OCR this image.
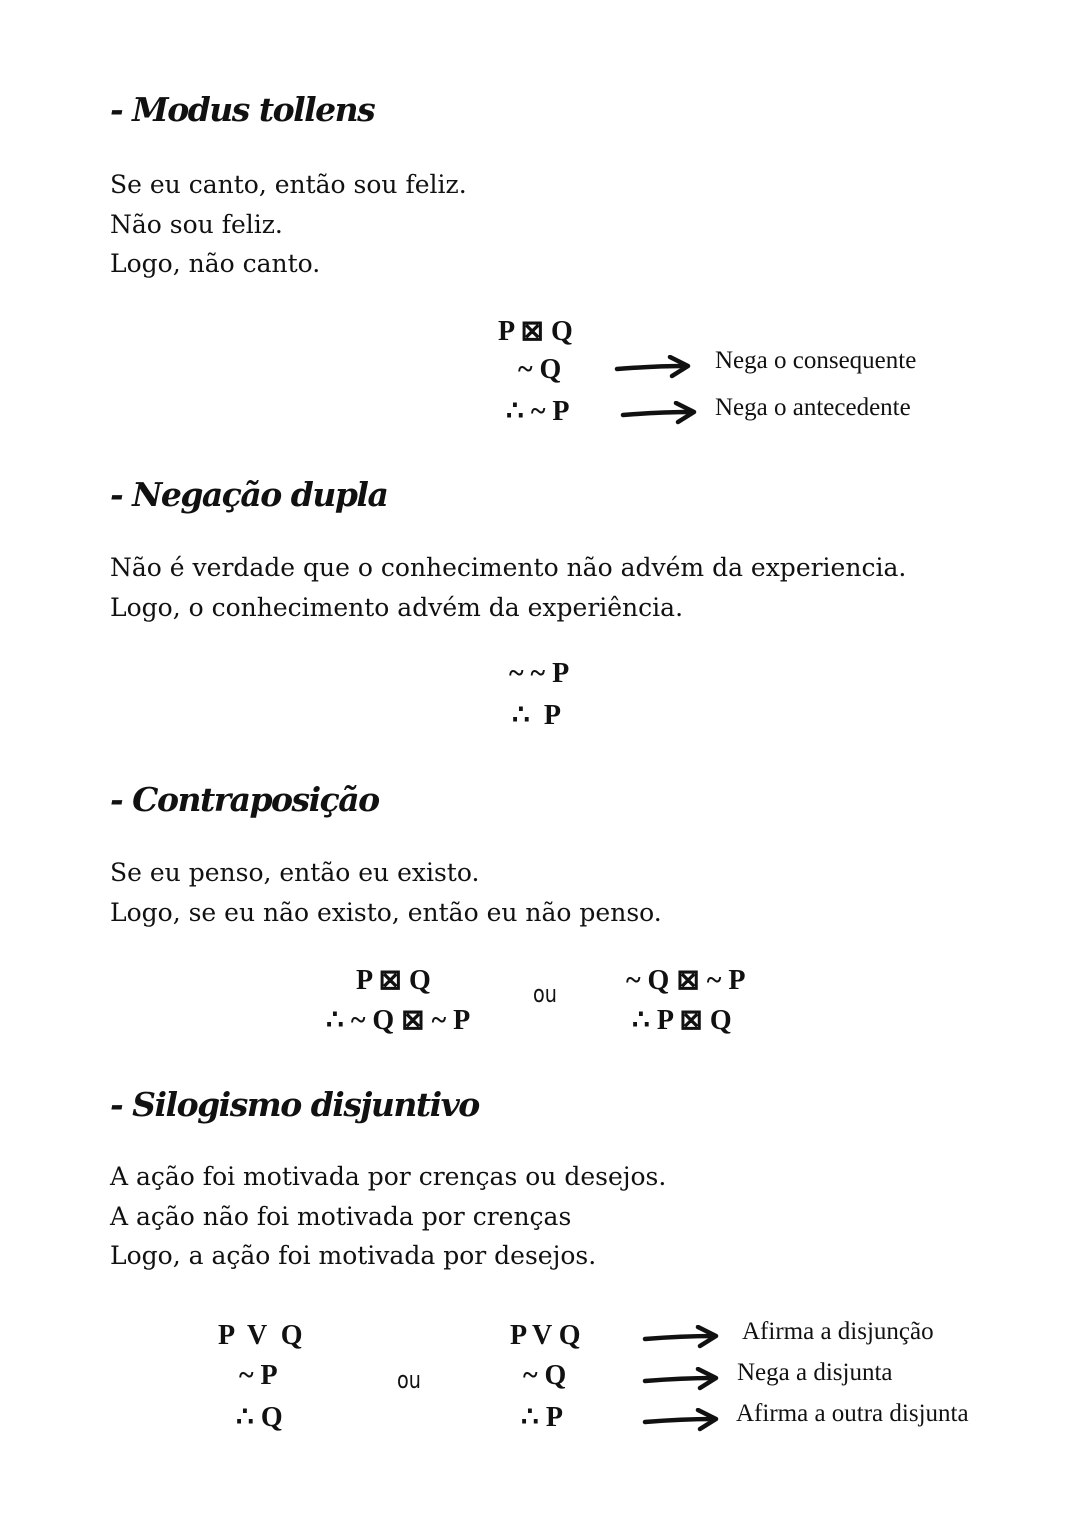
- Modus tollens
Se eu canto, então sou feliz.
Não sou feliz.
Logo, não canto.
P ⊠ Q
~ Q
∴ ~ P
Nega o consequente
Nega o antecedente
- Negação dupla
Não é verdade que o conhecimento não advém da experiencia.
Logo, o conhecimento advém da experiência.
~ ~ P
∴  P
- Contraposição
Se eu penso, então eu existo.
Logo, se eu não existo, então eu não penso.
P ⊠ Q
∴ ~ Q ⊠ ~ P
ou ~ Q ⊠ ~ P
∴ P ⊠ Q
- Silogismo disjuntivo
A ação foi motivada por crenças ou desejos.
A ação não foi motivada por crenças
Logo, a ação foi motivada por desejos.
P  V  Q
~ P
∴ Q
ou
P V Q
~ Q
∴ P
Afirma a disjunção
Nega a disjunta
Afirma a outra disjunta
